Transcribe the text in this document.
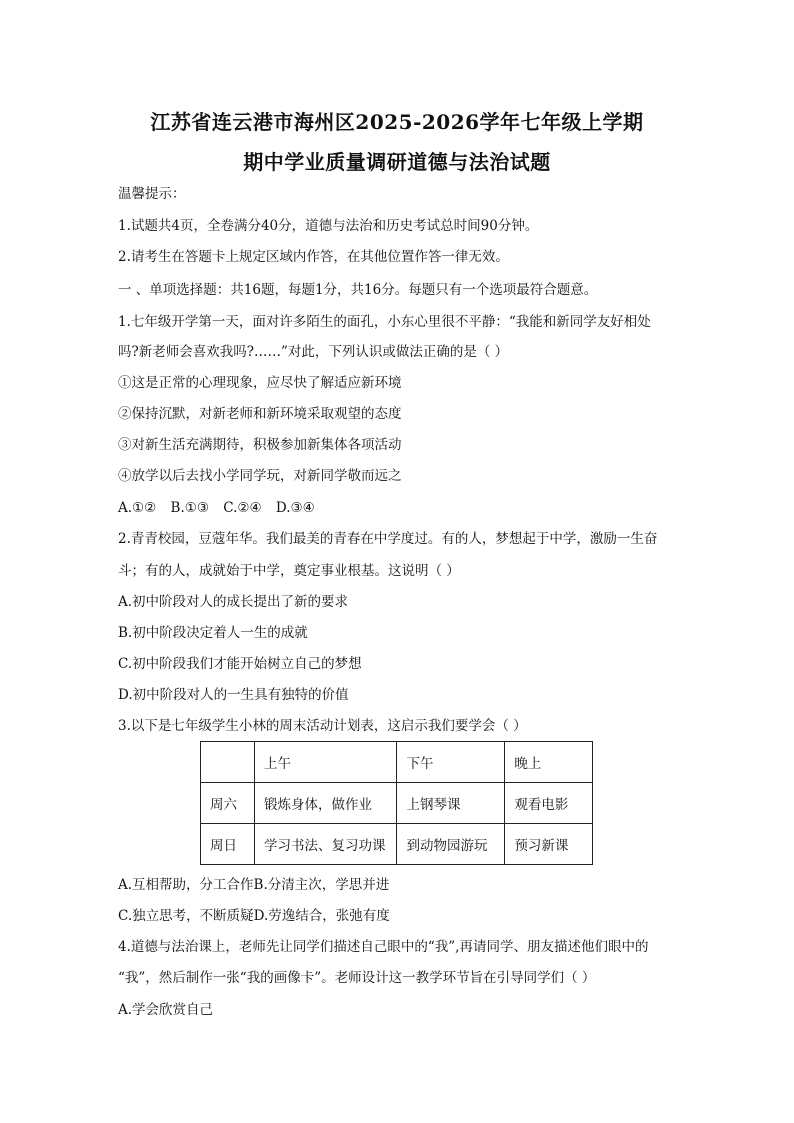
江苏省连云港市海州区2025-2026学年七年级上学期
期中学业质量调研道德与法治试题
温馨提示：
1.试题共4页，全卷满分40分，道德与法治和历史考试总时间90分钟。
2.请考生在答题卡上规定区域内作答，在其他位置作答一律无效。
一 、单项选择题：共16题，每题1分，共16分。每题只有一个选项最符合题意。
1.七年级开学第一天，面对许多陌生的面孔，小东心里很不平静：“我能和新同学友好相处
吗?新老师会喜欢我吗?……”对此，下列认识或做法正确的是（ ）
①这是正常的心理现象，应尽快了解适应新环境
②保持沉默，对新老师和新环境采取观望的态度
③对新生活充满期待，积极参加新集体各项活动
④放学以后去找小学同学玩，对新同学敬而远之
A.①② B.①③ C.②④ D.③④
2.青青校园，豆蔻年华。我们最美的青春在中学度过。有的人，梦想起于中学，激励一生奋
斗；有的人，成就始于中学，奠定事业根基。这说明（ ）
A.初中阶段对人的成长提出了新的要求
B.初中阶段决定着人一生的成就
C.初中阶段我们才能开始树立自己的梦想
D.初中阶段对人的一生具有独特的价值
3.以下是七年级学生小林的周末活动计划表，这启示我们要学会（ ）
	上午	下午	晚上
周六	锻炼身体，做作业	上钢琴课	观看电影
周日	学习书法、复习功课	到动物园游玩	预习新课
A.互相帮助，分工合作B.分清主次，学思并进
C.独立思考，不断质疑D.劳逸结合，张弛有度
4.道德与法治课上，老师先让同学们描述自己眼中的“我”,再请同学、朋友描述他们眼中的
“我”，然后制作一张“我的画像卡”。老师设计这一教学环节旨在引导同学们（ ）
A.学会欣赏自己
